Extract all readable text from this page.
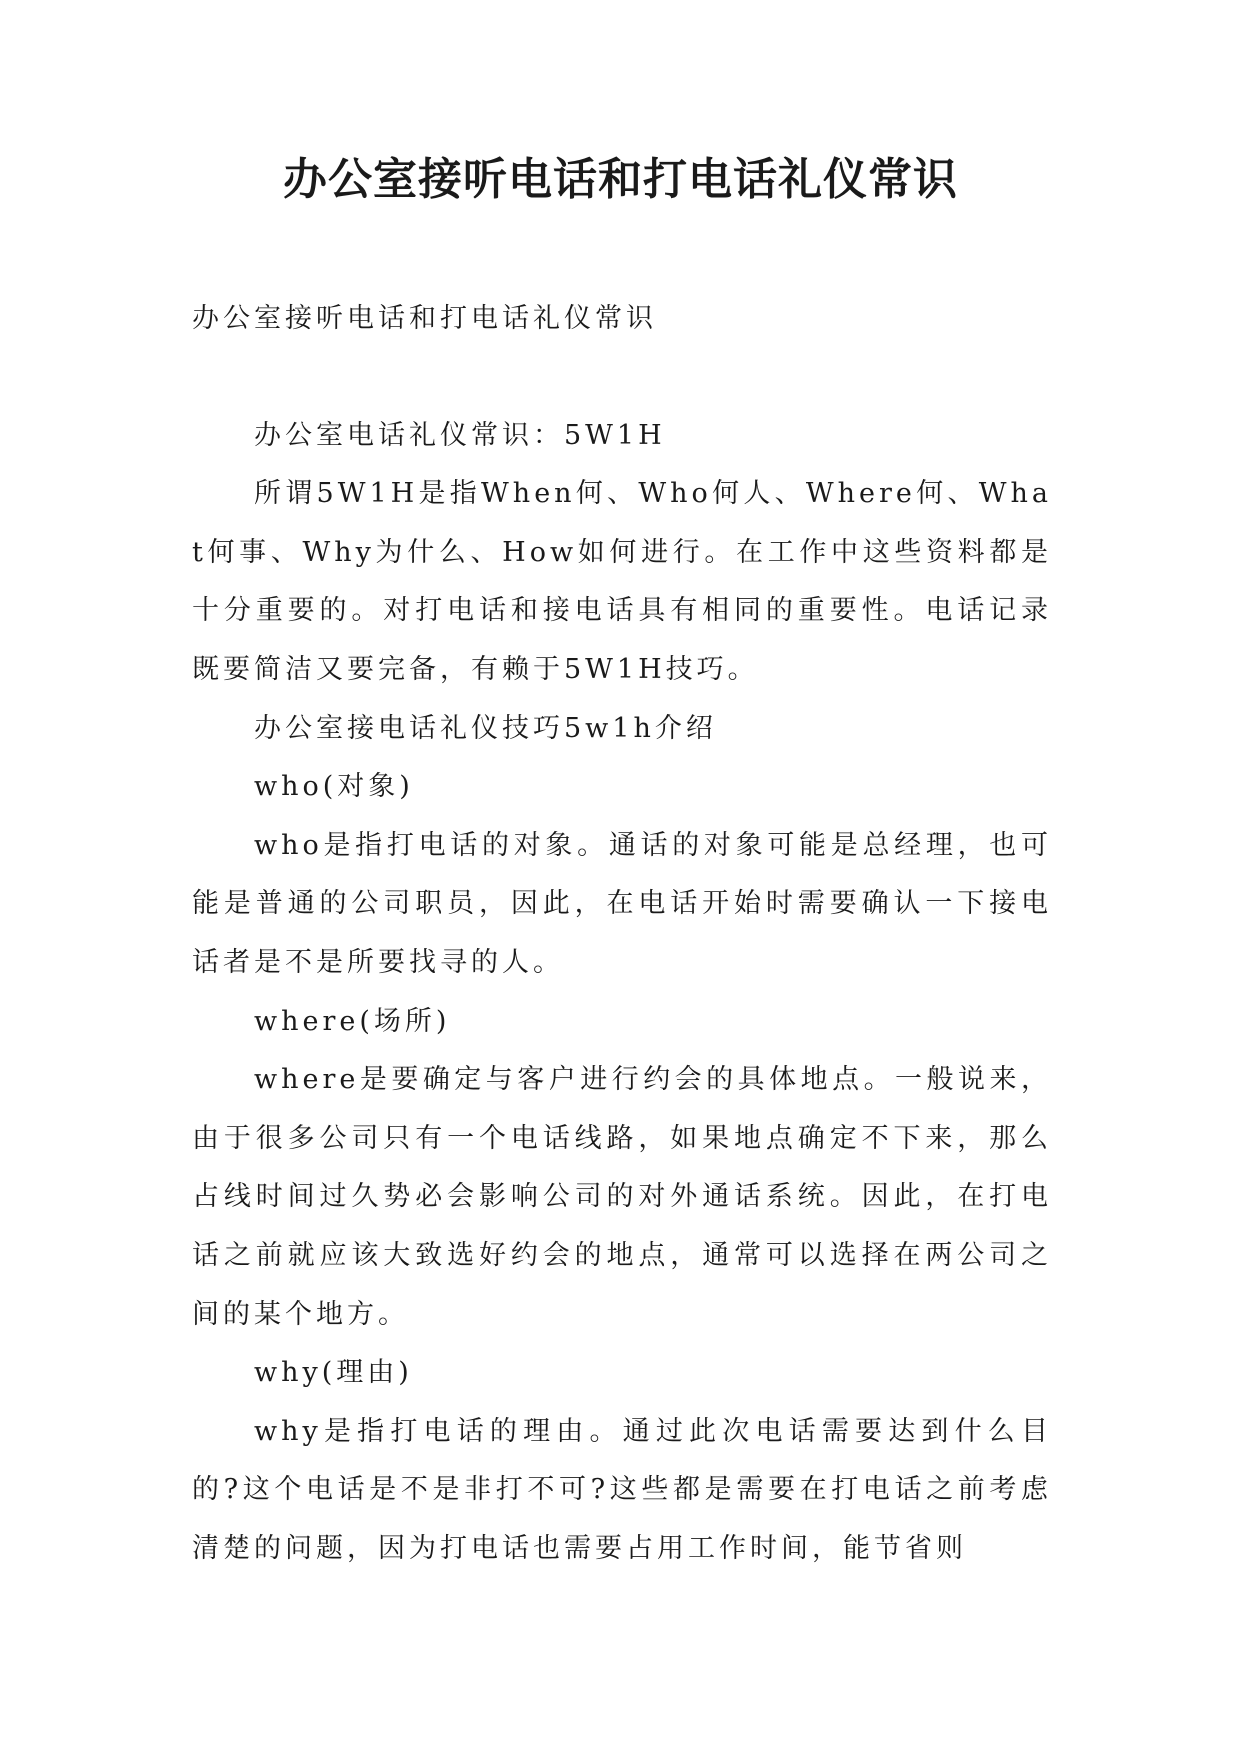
办公室接听电话和打电话礼仪常识

办公室接听电话和打电话礼仪常识

办公室电话礼仪常识：5W1H

所谓5W1H是指When何、Who何人、Where何、What何事、Why为什么、How如何进行。在工作中这些资料都是十分重要的。对打电话和接电话具有相同的重要性。电话记录既要简洁又要完备，有赖于5W1H技巧。

办公室接电话礼仪技巧5w1h介绍

who(对象)

who是指打电话的对象。通话的对象可能是总经理，也可能是普通的公司职员，因此，在电话开始时需要确认一下接电话者是不是所要找寻的人。

where(场所)

where是要确定与客户进行约会的具体地点。一般说来，由于很多公司只有一个电话线路，如果地点确定不下来，那么占线时间过久势必会影响公司的对外通话系统。因此，在打电话之前就应该大致选好约会的地点，通常可以选择在两公司之间的某个地方。

why(理由)

why是指打电话的理由。通过此次电话需要达到什么目的?这个电话是不是非打不可?这些都是需要在打电话之前考虑清楚的问题，因为打电话也需要占用工作时间，能节省则
